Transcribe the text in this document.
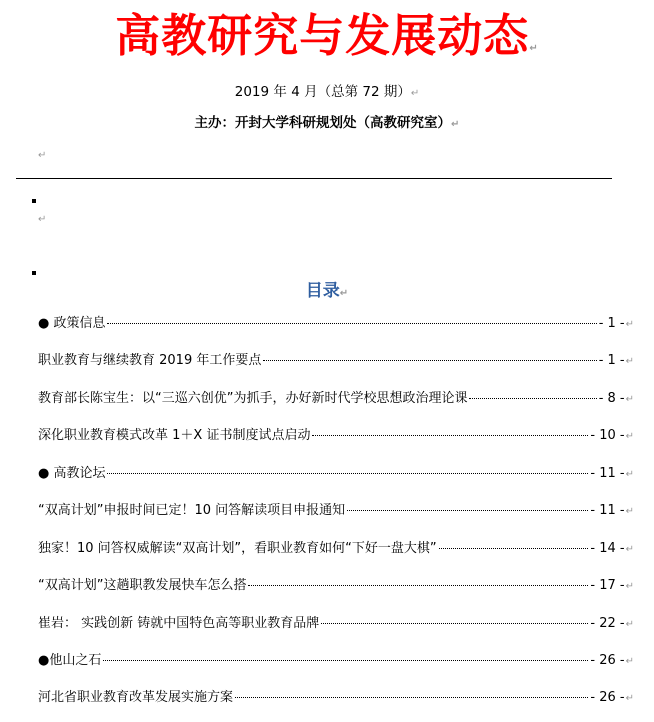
高教研究与发展动态↵
2019 年 4 月（总第 72 期）↵
主办：开封大学科研规划处（高教研究室）↵
↵
↵
目录↵
● 政策信息	- 1 - ↵
职业教育与继续教育 2019 年工作要点	- 1 - ↵
教育部长陈宝生：以“三巡六创优”为抓手，办好新时代学校思想政治理论课	- 8 - ↵
深化职业教育模式改革 1＋X 证书制度试点启动	- 10 - ↵
● 高教论坛	- 11 - ↵
“双高计划”申报时间已定！10 问答解读项目申报通知	- 11 - ↵
独家！10 问答权威解读“双高计划”，看职业教育如何“下好一盘大棋”	- 14 - ↵
“双高计划”这趟职教发展快车怎么搭	- 17 - ↵
崔岩： 实践创新 铸就中国特色高等职业教育品牌	- 22 - ↵
●他山之石	- 26 - ↵
河北省职业教育改革发展实施方案	- 26 - ↵
